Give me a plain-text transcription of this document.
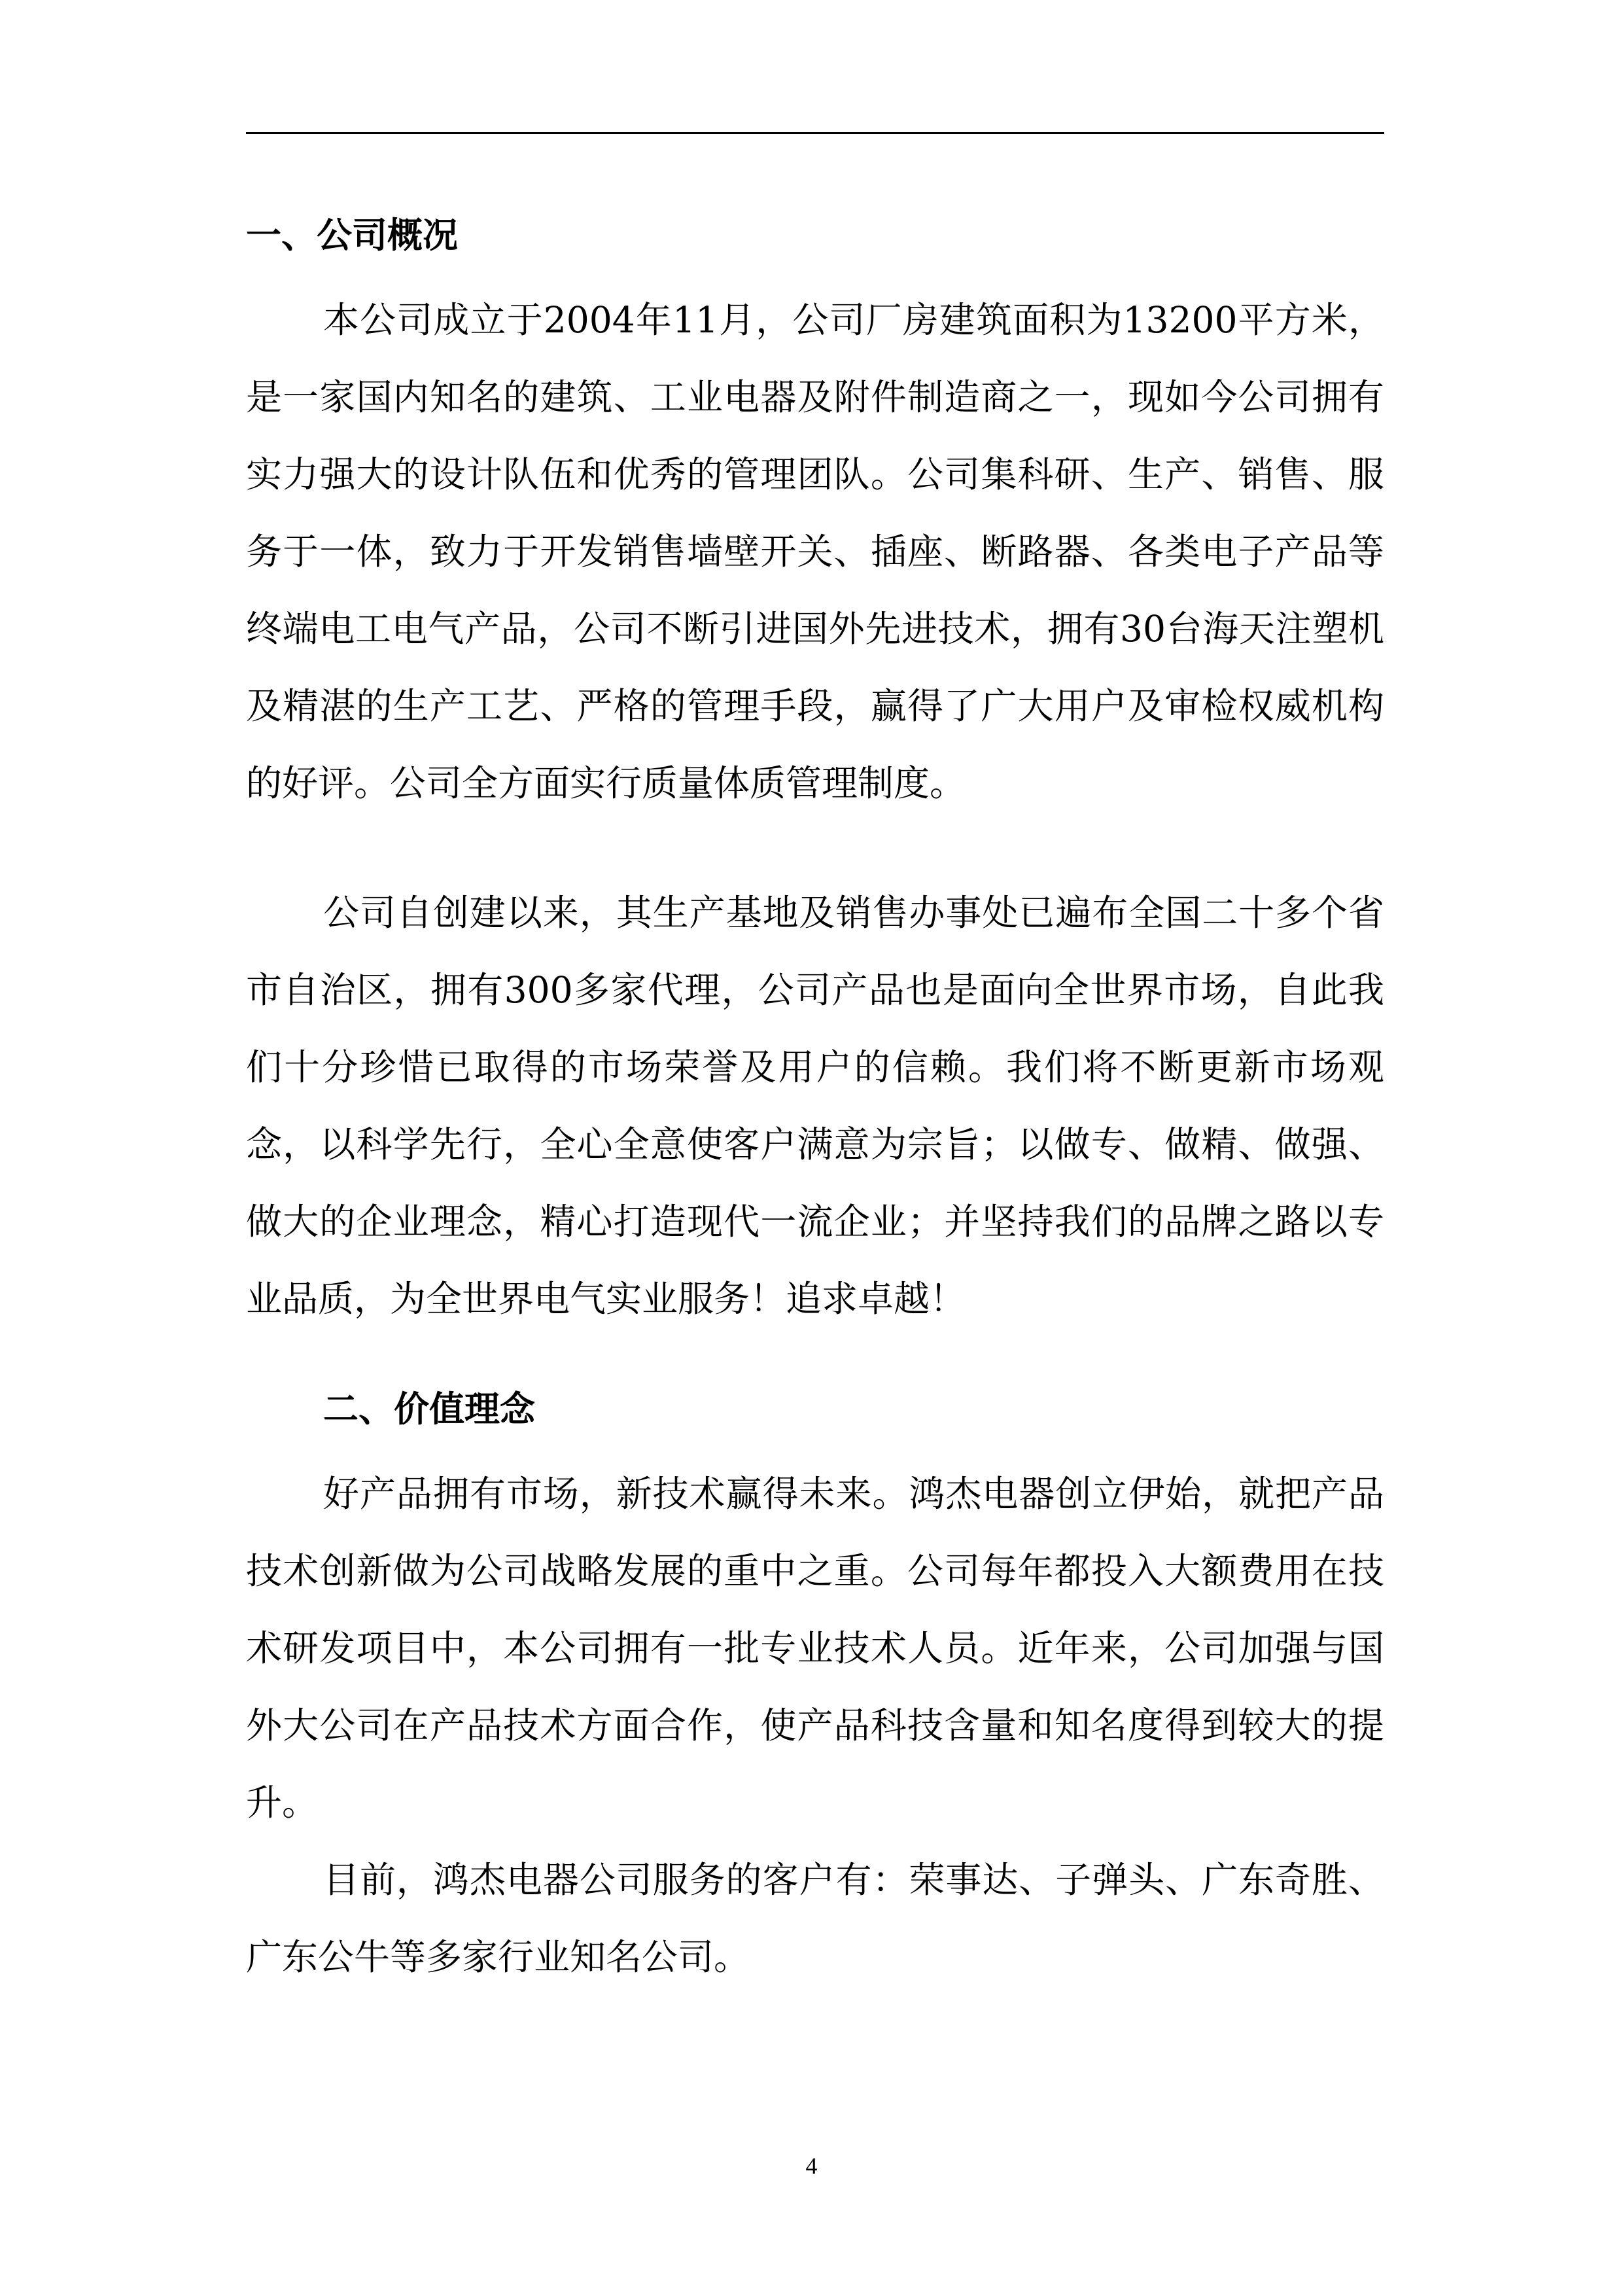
一、公司概况

本公司成立于2004年11月，公司厂房建筑面积为13200平方米，是一家国内知名的建筑、工业电器及附件制造商之一，现如今公司拥有实力强大的设计队伍和优秀的管理团队。公司集科研、生产、销售、服务于一体，致力于开发销售墙壁开关、插座、断路器、各类电子产品等终端电工电气产品，公司不断引进国外先进技术，拥有30台海天注塑机及精湛的生产工艺、严格的管理手段，赢得了广大用户及审检权威机构的好评。公司全方面实行质量体质管理制度。

公司自创建以来，其生产基地及销售办事处已遍布全国二十多个省市自治区，拥有300多家代理，公司产品也是面向全世界市场，自此我们十分珍惜已取得的市场荣誉及用户的信赖。我们将不断更新市场观念，以科学先行，全心全意使客户满意为宗旨；以做专、做精、做强、做大的企业理念，精心打造现代一流企业；并坚持我们的品牌之路以专业品质，为全世界电气实业服务！追求卓越！

二、价值理念

好产品拥有市场，新技术赢得未来。鸿杰电器创立伊始，就把产品技术创新做为公司战略发展的重中之重。公司每年都投入大额费用在技术研发项目中，本公司拥有一批专业技术人员。近年来，公司加强与国外大公司在产品技术方面合作，使产品科技含量和知名度得到较大的提升。

目前，鸿杰电器公司服务的客户有：荣事达、子弹头、广东奇胜、广东公牛等多家行业知名公司。

4
